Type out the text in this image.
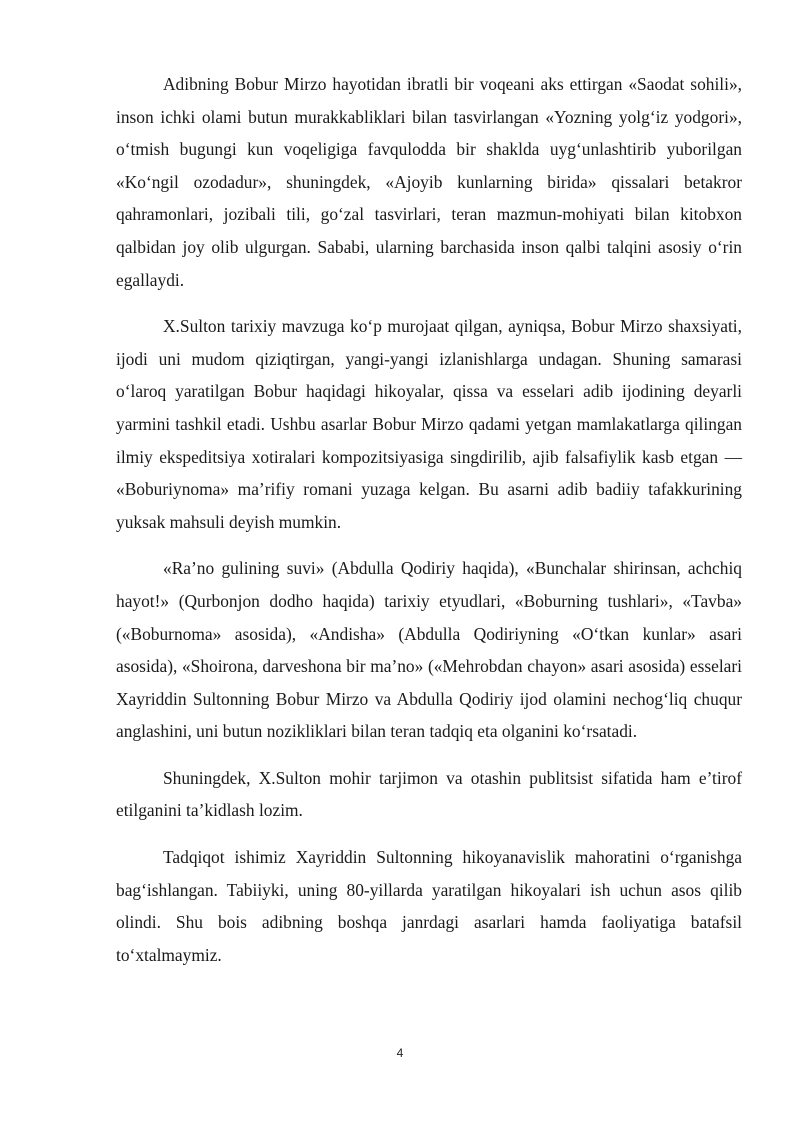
Adibning Bobur Mirzo hayotidan ibratli bir voqeani aks ettirgan «Saodat sohili», inson ichki olami butun murakkabliklari bilan tasvirlangan «Yozning yolg‘iz yodgori», o‘tmish bugungi kun voqeligiga favqulodda bir shaklda uyg‘unlashtirib yuborilgan «Ko‘ngil ozodadur», shuningdek, «Ajoyib kunlarning birida» qissalari betakror qahramonlari, jozibali tili, go‘zal tasvirlari, teran mazmun-mohiyati bilan kitobxon qalbidan joy olib ulgurgan. Sababi, ularning barchasida inson qalbi talqini asosiy o‘rin egallaydi.

X.Sulton tarixiy mavzuga ko‘p murojaat qilgan, ayniqsa, Bobur Mirzo shaxsiyati, ijodi uni mudom qiziqtirgan, yangi-yangi izlanishlarga undagan. Shuning samarasi o‘laroq yaratilgan Bobur haqidagi hikoyalar, qissa va esselari adib ijodining deyarli yarmini tashkil etadi. Ushbu asarlar Bobur Mirzo qadami yetgan mamlakatlarga qilingan ilmiy ekspeditsiya xotiralari kompozitsiyasiga singdirilib, ajib falsafiylik kasb etgan — «Boburiynoma» ma’rifiy romani yuzaga kelgan. Bu asarni adib badiiy tafakkurining yuksak mahsuli deyish mumkin.

«Ra’no gulining suvi» (Abdulla Qodiriy haqida), «Bunchalar shirinsan, achchiq hayot!» (Qurbonjon dodho haqida) tarixiy etyudlari, «Boburning tushlari», «Tavba» («Boburnoma» asosida), «Andisha» (Abdulla Qodiriyning «O‘tkan kunlar» asari asosida), «Shoirona, darveshona bir ma’no» («Mehrobdan chayon» asari asosida) esselari Xayriddin Sultonning Bobur Mirzo va Abdulla Qodiriy ijod olamini nechog‘liq chuqur anglashini, uni butun nozikliklari bilan teran tadqiq eta olganini ko‘rsatadi.

Shuningdek, X.Sulton mohir tarjimon va otashin publitsist sifatida ham e’tirof etilganini ta’kidlash lozim.

Tadqiqot ishimiz Xayriddin Sultonning hikoyanavislik mahoratini o‘rganishga bag‘ishlangan. Tabiiyki, uning 80-yillarda yaratilgan hikoyalari ish uchun asos qilib olindi. Shu bois adibning boshqa janrdagi asarlari hamda faoliyatiga batafsil to‘xtalmaymiz.

4
